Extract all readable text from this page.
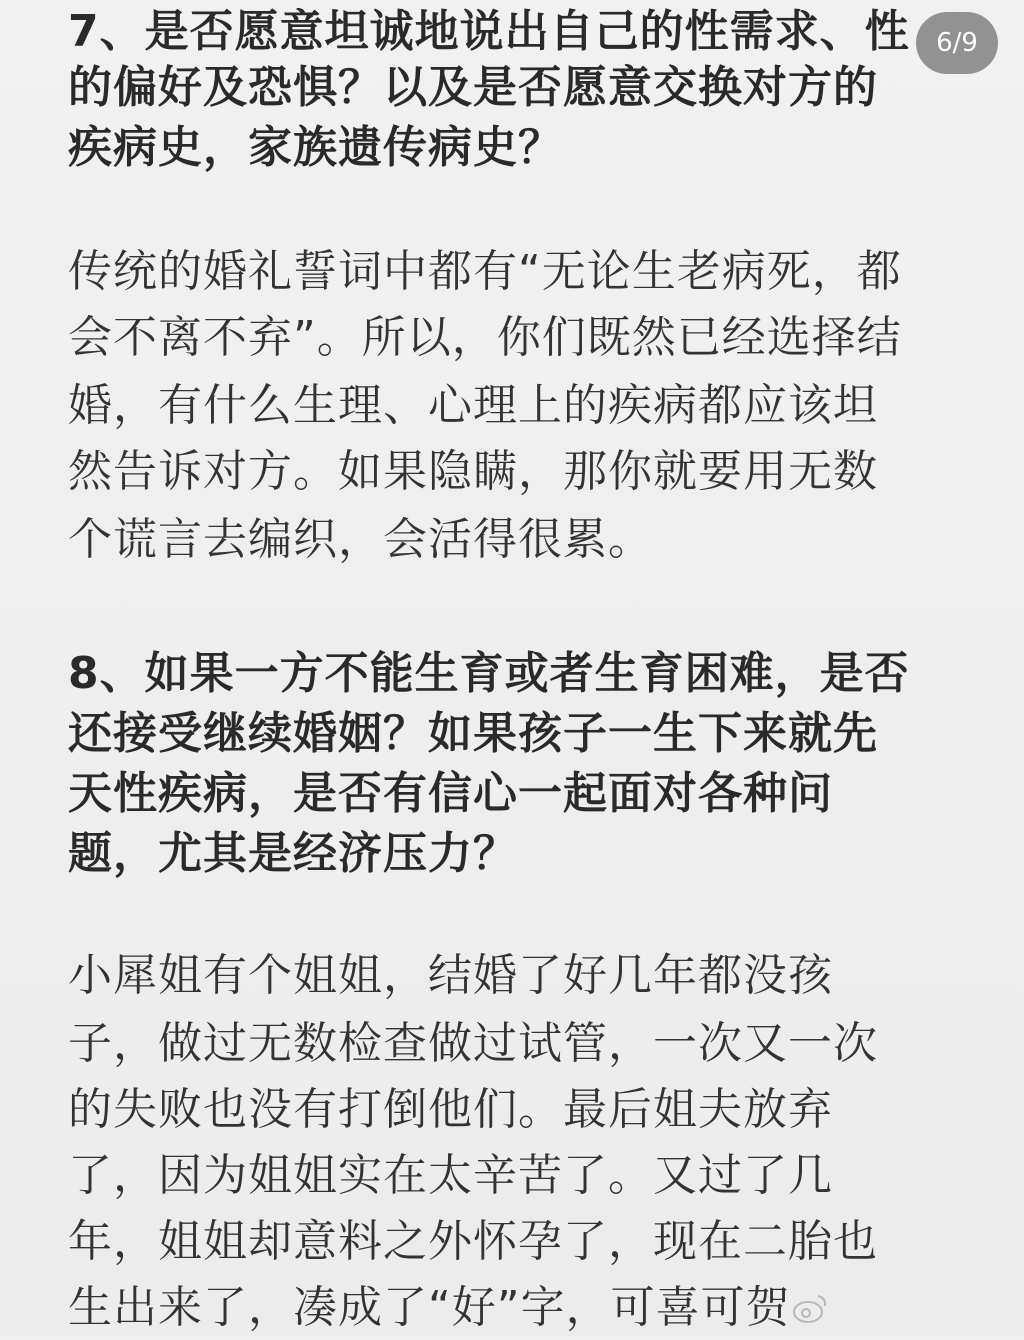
7、是否愿意坦诚地说出自己的性需求、性
的偏好及恐惧？以及是否愿意交换对方的
疾病史，家族遗传病史？
传统的婚礼誓词中都有“无论生老病死，都
会不离不弃”。所以，你们既然已经选择结
婚，有什么生理、心理上的疾病都应该坦
然告诉对方。如果隐瞒，那你就要用无数
个谎言去编织，会活得很累。
8、如果一方不能生育或者生育困难，是否
还接受继续婚姻？如果孩子一生下来就先
天性疾病，是否有信心一起面对各种问
题，尤其是经济压力？
小犀姐有个姐姐，结婚了好几年都没孩
子，做过无数检查做过试管，一次又一次
的失败也没有打倒他们。最后姐夫放弃
了，因为姐姐实在太辛苦了。又过了几
年，姐姐却意料之外怀孕了，现在二胎也
生出来了，凑成了“好”字，可喜可贺
6/9
